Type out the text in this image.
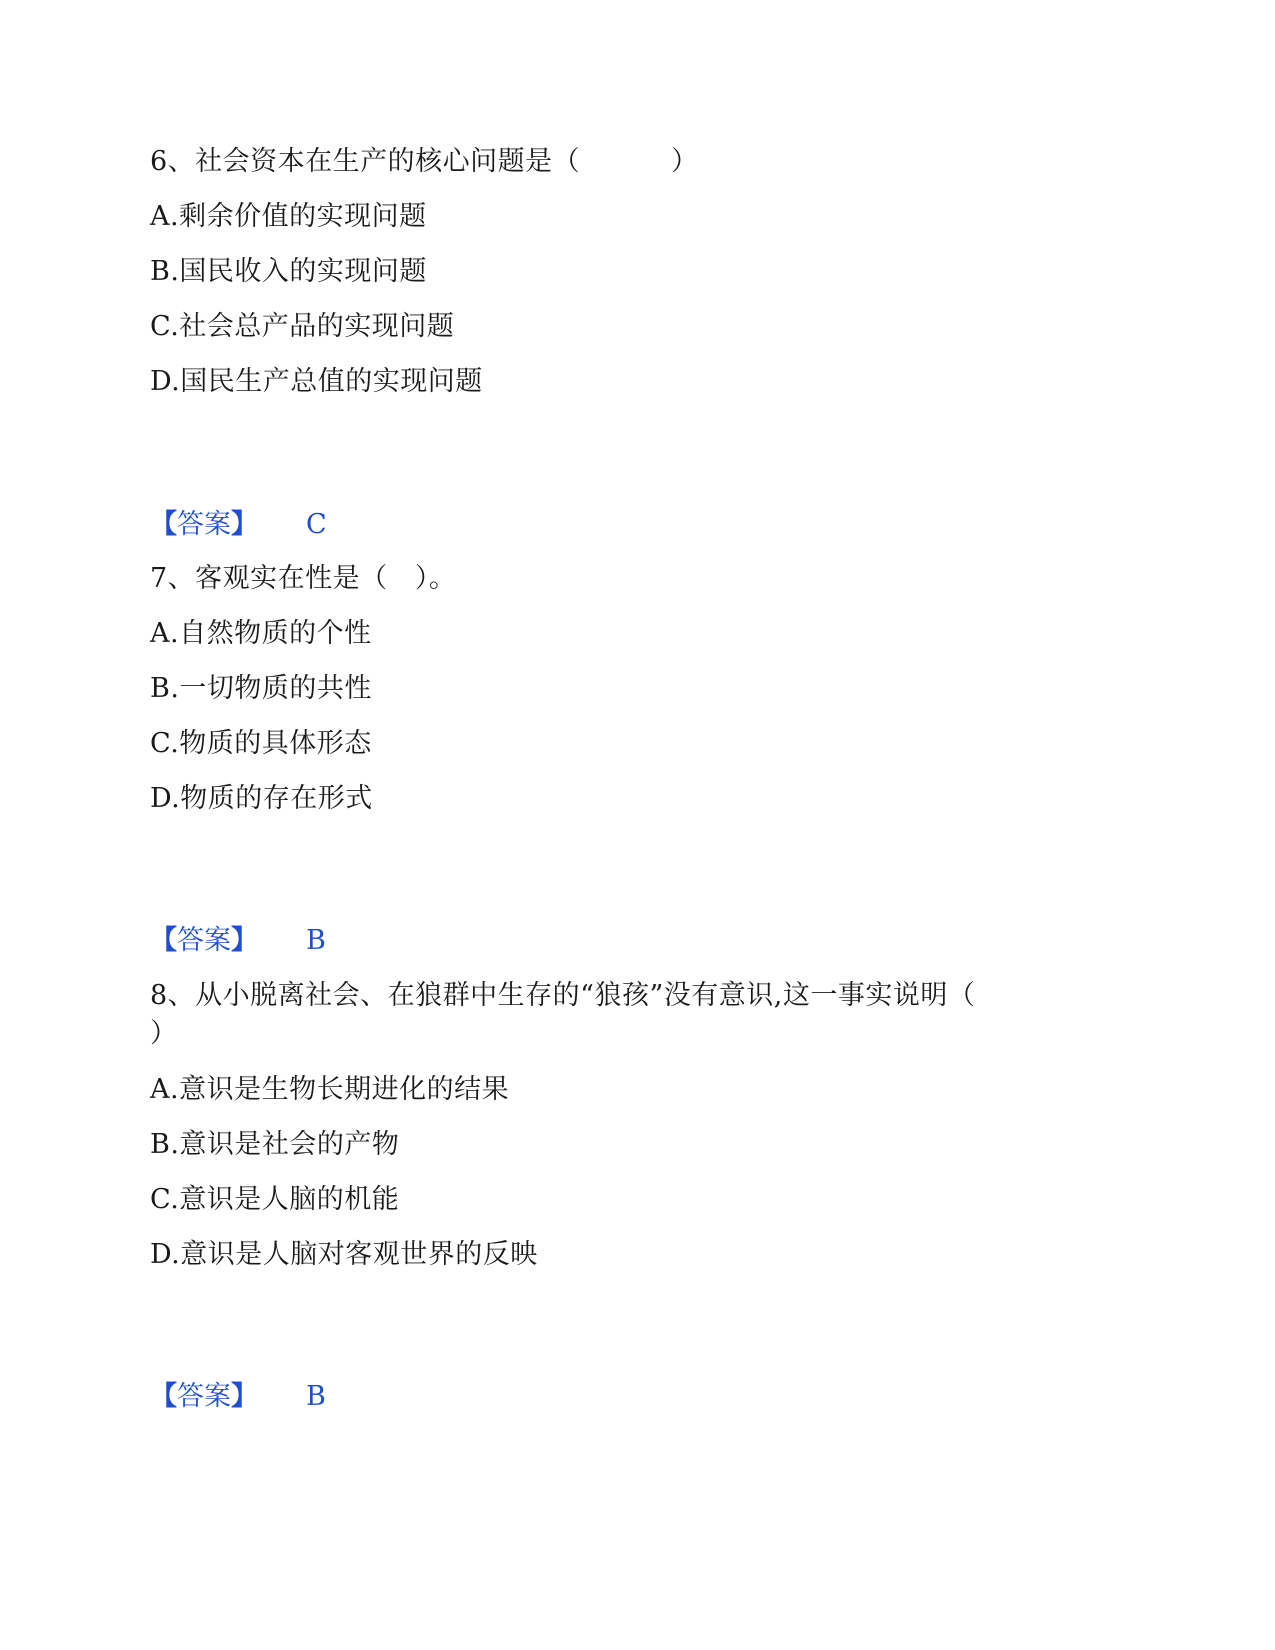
6、社会资本在生产的核心问题是（          ）
A.剩余价值的实现问题
B.国民收入的实现问题
C.社会总产品的实现问题
D.国民生产总值的实现问题
【答案】 C
7、客观实在性是（   ）。
A.自然物质的个性
B.一切物质的共性
C.物质的具体形态
D.物质的存在形式
【答案】 B
8、从小脱离社会、在狼群中生存的“狼孩”没有意识,这一事实说明（
）
A.意识是生物长期进化的结果
B.意识是社会的产物
C.意识是人脑的机能
D.意识是人脑对客观世界的反映
【答案】 B
